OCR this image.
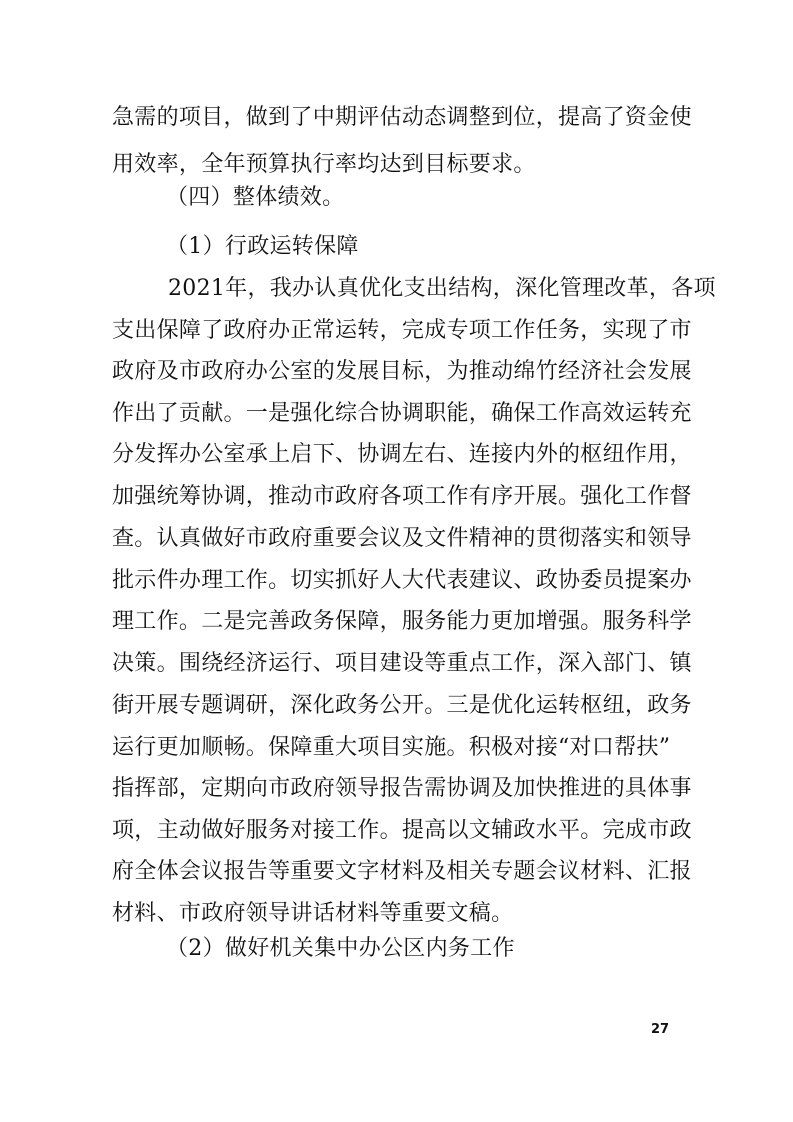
急需的项目，做到了中期评估动态调整到位，提高了资金使
用效率，全年预算执行率均达到目标要求。
（四）整体绩效。
（1）行政运转保障
2021年，我办认真优化支出结构，深化管理改革，各项
支出保障了政府办正常运转，完成专项工作任务，实现了市
政府及市政府办公室的发展目标，为推动绵竹经济社会发展
作出了贡献。一是强化综合协调职能，确保工作高效运转充
分发挥办公室承上启下、协调左右、连接内外的枢纽作用，
加强统筹协调，推动市政府各项工作有序开展。强化工作督
查。认真做好市政府重要会议及文件精神的贯彻落实和领导
批示件办理工作。切实抓好人大代表建议、政协委员提案办
理工作。二是完善政务保障，服务能力更加增强。服务科学
决策。围绕经济运行、项目建设等重点工作，深入部门、镇
街开展专题调研，深化政务公开。三是优化运转枢纽，政务
运行更加顺畅。保障重大项目实施。积极对接“对口帮扶”
指挥部，定期向市政府领导报告需协调及加快推进的具体事
项，主动做好服务对接工作。提高以文辅政水平。完成市政
府全体会议报告等重要文字材料及相关专题会议材料、汇报
材料、市政府领导讲话材料等重要文稿。
（2）做好机关集中办公区内务工作
27
